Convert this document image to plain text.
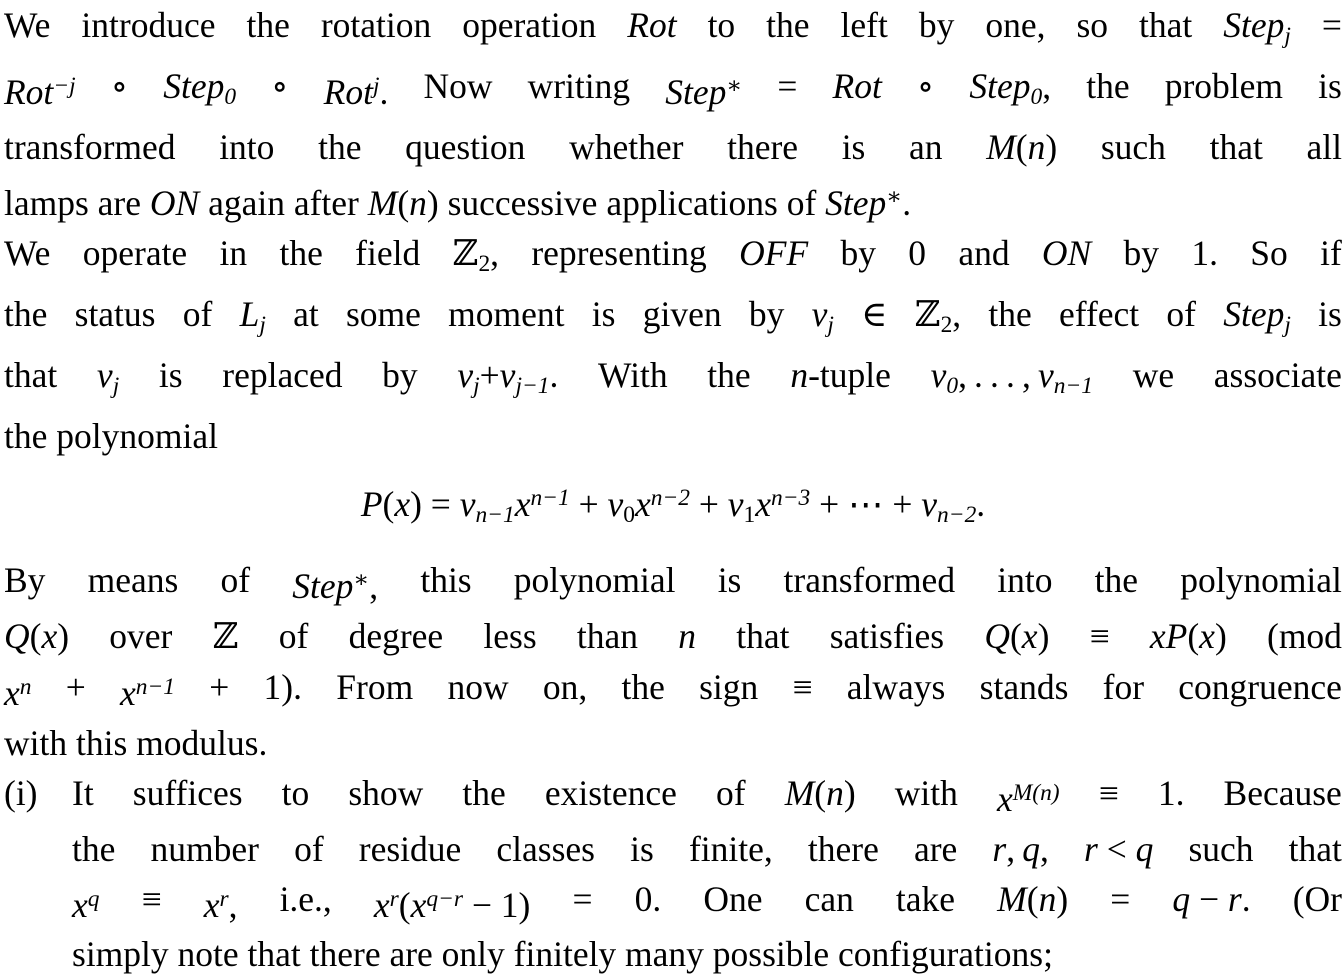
We introduce the rotation operation Rot to the left by one, so that Step$_j$ =
Rot$^{-j}$ ∘ Step$_0$ ∘ Rot$^j$. Now writing Step∗ = Rot ∘ Step$_0$, the problem is
transformed into the question whether there is an M(n) such that all
lamps are ON again after M(n) successive applications of Step∗.
We operate in the field ℤ$_2$, representing OFF by 0 and ON by 1. So if
the status of $L_j$ at some moment is given by $v_j$ ∈ ℤ$_2$, the effect of Step$_j$ is
that $v_j$ is replaced by $v_j+v_{j-1}$. With the n-tuple $v_0$, . . . , $v_{n-1}$ we associate
the polynomial
$P(x) = v_{n-1}x^{n-1} + v_0x^{n-2} + v_1x^{n-3}$ + ⋯ + $v_{n-2}$.
By means of Step∗, this polynomial is transformed into the polynomial
Q(x) over ℤ of degree less than n that satisfies Q(x) ≡ xP(x) (mod
$x^n + x^{n-1} + 1$). From now on, the sign ≡ always stands for congruence
with this modulus.
(i) It suffices to show the existence of M(n) with $x^{M(n)} \equiv 1$. Because
the number of residue classes is finite, there are r, q, r < q such that
$x^q \equiv x^r$, i.e., $x^r(x^{q-r} - 1) = 0$. One can take M(n) = q − r. (Or
simply note that there are only finitely many possible configurations;
